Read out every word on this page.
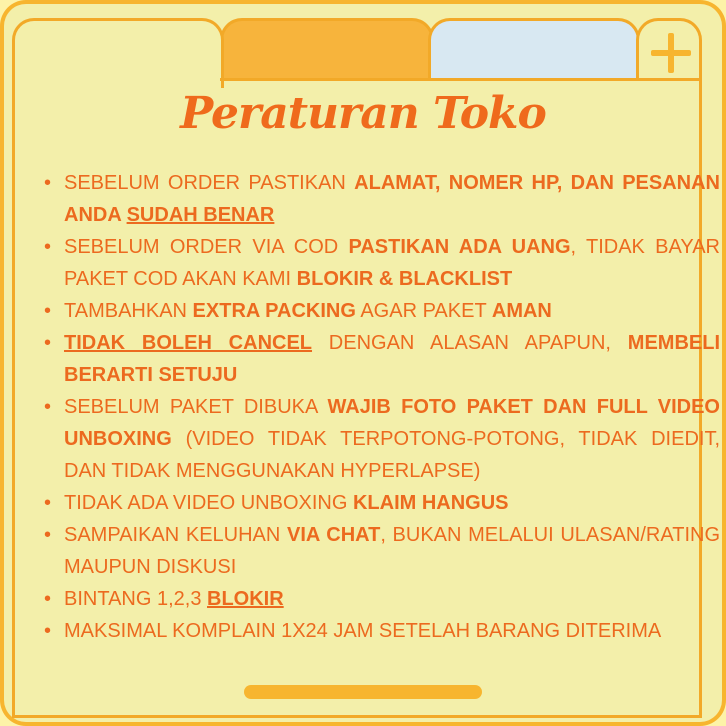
Peraturan Toko
• SEBELUM ORDER PASTIKAN ALAMAT, NOMER HP, DAN PESANAN ANDA SUDAH BENAR
• SEBELUM ORDER VIA COD PASTIKAN ADA UANG, TIDAK BAYAR PAKET COD AKAN KAMI BLOKIR & BLACKLIST
• TAMBAHKAN EXTRA PACKING AGAR PAKET AMAN
• TIDAK BOLEH CANCEL DENGAN ALASAN APAPUN, MEMBELI BERARTI SETUJU
• SEBELUM PAKET DIBUKA WAJIB FOTO PAKET DAN FULL VIDEO UNBOXING (VIDEO TIDAK TERPOTONG-POTONG, TIDAK DIEDIT, DAN TIDAK MENGGUNAKAN HYPERLAPSE)
• TIDAK ADA VIDEO UNBOXING KLAIM HANGUS
• SAMPAIKAN KELUHAN VIA CHAT, BUKAN MELALUI ULASAN/RATING MAUPUN DISKUSI
• BINTANG 1,2,3 BLOKIR
• MAKSIMAL KOMPLAIN 1X24 JAM SETELAH BARANG DITERIMA
